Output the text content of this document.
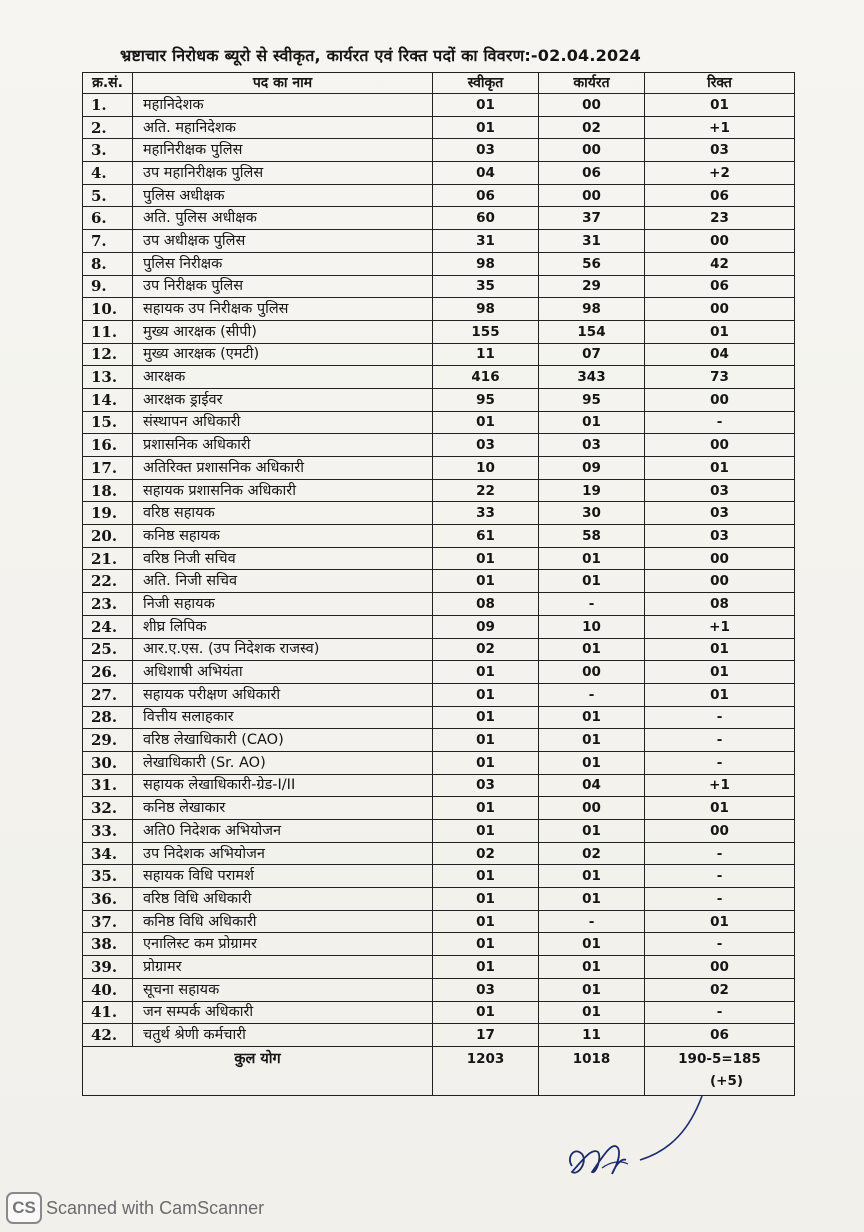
भ्रष्टाचार निरोधक ब्यूरो से स्वीकृत, कार्यरत एवं रिक्त पदों का विवरण:-02.04.2024
क्र.सं.	पद का नाम	स्वीकृत	कार्यरत	रिक्त
1.	महानिदेशक	01	00	01
2.	अति. महानिदेशक	01	02	+1
3.	महानिरीक्षक पुलिस	03	00	03
4.	उप महानिरीक्षक पुलिस	04	06	+2
5.	पुलिस अधीक्षक	06	00	06
6.	अति. पुलिस अधीक्षक	60	37	23
7.	उप अधीक्षक पुलिस	31	31	00
8.	पुलिस निरीक्षक	98	56	42
9.	उप निरीक्षक पुलिस	35	29	06
10.	सहायक उप निरीक्षक पुलिस	98	98	00
11.	मुख्य आरक्षक (सीपी)	155	154	01
12.	मुख्य आरक्षक (एमटी)	11	07	04
13.	आरक्षक	416	343	73
14.	आरक्षक ड्राईवर	95	95	00
15.	संस्थापन अधिकारी	01	01	-
16.	प्रशासनिक अधिकारी	03	03	00
17.	अतिरिक्त प्रशासनिक अधिकारी	10	09	01
18.	सहायक प्रशासनिक अधिकारी	22	19	03
19.	वरिष्ठ सहायक	33	30	03
20.	कनिष्ठ सहायक	61	58	03
21.	वरिष्ठ निजी सचिव	01	01	00
22.	अति. निजी सचिव	01	01	00
23.	निजी सहायक	08	-	08
24.	शीघ्र लिपिक	09	10	+1
25.	आर.ए.एस. (उप निदेशक राजस्व)	02	01	01
26.	अधिशाषी अभियंता	01	00	01
27.	सहायक परीक्षण अधिकारी	01	-	01
28.	वित्तीय सलाहकार	01	01	-
29.	वरिष्ठ लेखाधिकारी (CAO)	01	01	-
30.	लेखाधिकारी (Sr. AO)	01	01	-
31.	सहायक लेखाधिकारी-ग्रेड-I/II	03	04	+1
32.	कनिष्ठ लेखाकार	01	00	01
33.	अति0 निदेशक अभियोजन	01	01	00
34.	उप निदेशक अभियोजन	02	02	-
35.	सहायक विधि परामर्श	01	01	-
36.	वरिष्ठ विधि अधिकारी	01	01	-
37.	कनिष्ठ विधि अधिकारी	01	-	01
38.	एनालिस्ट कम प्रोग्रामर	01	01	-
39.	प्रोग्रामर	01	01	00
40.	सूचना सहायक	03	01	02
41.	जन सम्पर्क अधिकारी	01	01	-
42.	चतुर्थ श्रेणी कर्मचारी	17	11	06
कुल योग		1203	1018	190-5=185
(+5)
CS Scanned with CamScanner
